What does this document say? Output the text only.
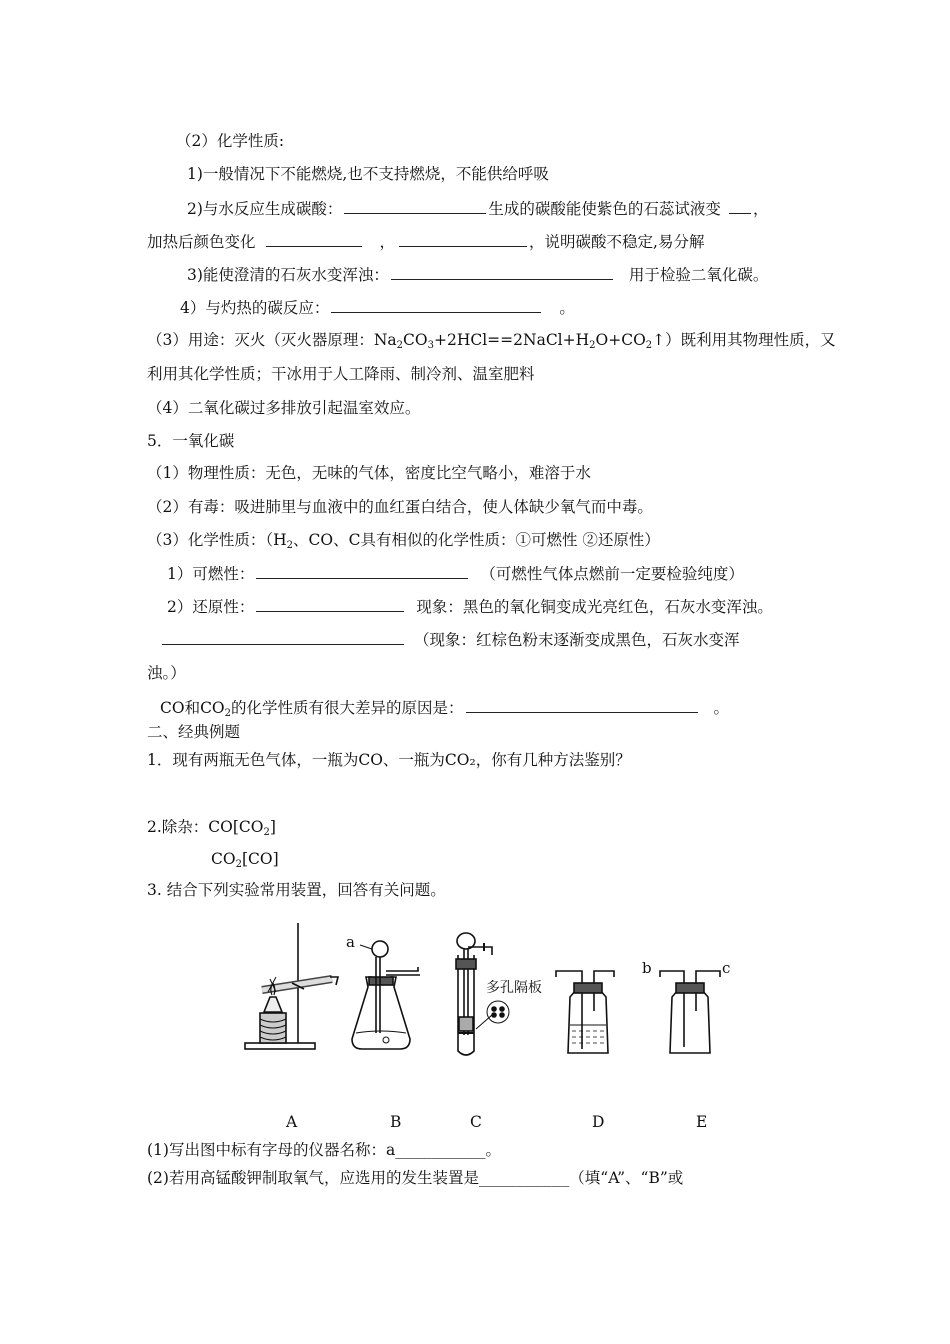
（2）化学性质:
1)一般情况下不能燃烧,也不支持燃烧，不能供给呼吸
2)与水反应生成碳酸：	生成的碳酸能使紫色的石蕊试液变 ，
加热后颜色变化	，	，说明碳酸不稳定,易分解
3)能使澄清的石灰水变浑浊：	用于检验二氧化碳。
4）与灼热的碳反应：	。
（3）用途：灭火（灭火器原理：$Na_2CO_3+2HCl==2NaCl+H_2O+CO_2↑$）既利用其物理性质，又
利用其化学性质；干冰用于人工降雨、制冷剂、温室肥料
（4）二氧化碳过多排放引起温室效应。
5．一氧化碳
（1）物理性质：无色，无味的气体，密度比空气略小，难溶于水
（2）有毒：吸进肺里与血液中的血红蛋白结合，使人体缺少氧气而中毒。
（3）化学性质：（$H_2$、CO、C具有相似的化学性质：①可燃性 ②还原性）
1）可燃性：	（可燃性气体点燃前一定要检验纯度）
2）还原性：	现象：黑色的氧化铜变成光亮红色，石灰水变浑浊。
（现象：红棕色粉末逐渐变成黑色，石灰水变浑
浊。）
CO和$CO_2$的化学性质有很大差异的原因是：	。
二、经典例题
1．现有两瓶无色气体，一瓶为CO、一瓶为CO₂，你有几种方法鉴别？
2.除杂：$CO[CO_2]$
$CO_2[CO]$
3. 结合下列实验常用装置，回答有关问题。
a
b	c
多孔隔板
A	B	C	D	E
(1)写出图中标有字母的仪器名称：a__________。
(2)若用高锰酸钾制取氧气，应选用的发生装置是__________（填“A”、“B”或
